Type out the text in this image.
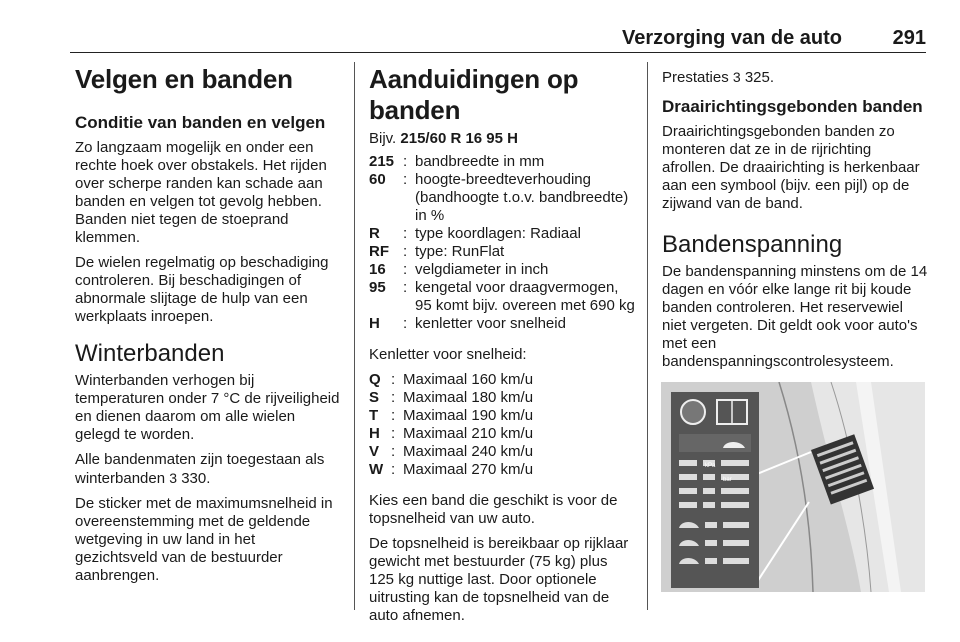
Verzorging van de auto	291
Velgen en banden
Conditie van banden en velgen

Zo langzaam mogelijk en onder een rechte hoek over obstakels. Het rijden over scherpe randen kan schade aan banden en velgen tot gevolg hebben. Banden niet tegen de stoeprand klemmen.

De wielen regelmatig op beschadiging controleren. Bij beschadigingen of abnormale slijtage de hulp van een werkplaats inroepen.

Winterbanden

Winterbanden verhogen bij temperaturen onder 7 °C de rijveiligheid en dienen daarom om alle wielen gelegd te worden.

Alle bandenmaten zijn toegestaan als winterbanden 3 330.

De sticker met de maximumsnelheid in overeenstemming met de geldende wetgeving in uw land in het gezichtsveld van de bestuurder aanbrengen.

Aanduidingen op banden
Bijv. 215/60 R 16 95 H
215 : bandbreedte in mm
60	: hoogte-breedteverhouding (bandhoogte t.o.v. bandbreedte) in %
R	: type koordlagen: Radiaal
RF : type: RunFlat
16	: velgdiameter in inch
95	: kengetal voor draagvermogen, 95 komt bijv. overeen met 690 kg
H	: kenletter voor snelheid

Kenletter voor snelheid:

Q : Maximaal 160 km/u
S : Maximaal 180 km/u
T : Maximaal 190 km/u
H : Maximaal 210 km/u
V : Maximaal 240 km/u
W : Maximaal 270 km/u

Kies een band die geschikt is voor de topsnelheid van uw auto.

De topsnelheid is bereikbaar op rijklaar gewicht met bestuurder (75 kg) plus 125 kg nuttige last. Door optionele uitrusting kan de topsnelheid van de auto afnemen.

Prestaties 3 325.

Draairichtingsgebonden banden

Draairichtingsgebonden banden zo monteren dat ze in de rijrichting afrollen. De draairichting is herkenbaar aan een symbool (bijv. een pijl) op de zijwand van de band.

Bandenspanning

De bandenspanning minstens om de 14 dagen en vóór elke lange rit bij koude banden controleren. Het reservewiel niet vergeten. Dit geldt ook voor auto's met een bandenspanningscontrolesysteem.

kPa
bar
